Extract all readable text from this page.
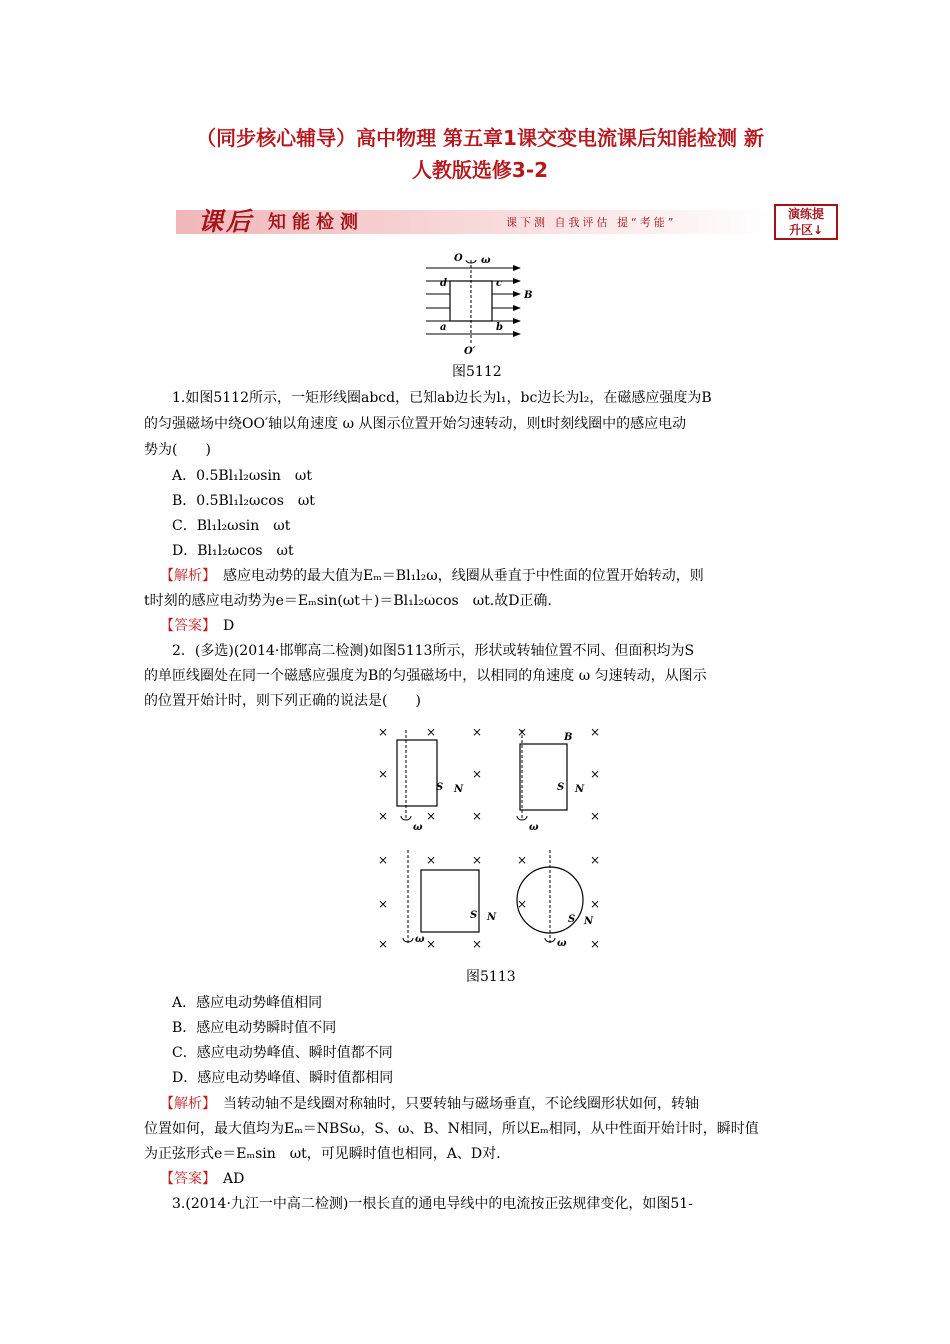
（同步核心辅导）高中物理 第五章1课交变电流课后知能检测 新
人教版选修3-2
课后 知能检测	课下测 自我评估 提“考能”
演练提
升区↓
O ω
d	c
B
a	b
O′
图5112
1.如图5112所示，一矩形线圈abcd，已知ab边长为l₁，bc边长为l₂，在磁感应强度为B
的匀强磁场中绕OO′轴以角速度 ω 从图示位置开始匀速转动，则t时刻线圈中的感应电动
势为(　　)
A．0.5Bl₁l₂ωsin　ωt
B．0.5Bl₁l₂ωcos　ωt
C．Bl₁l₂ωsin　ωt
D．Bl₁l₂ωcos　ωt
【解析】　感应电动势的最大值为Eₘ＝Bl₁l₂ω，线圈从垂直于中性面的位置开始转动，则
t时刻的感应电动势为e＝Eₘsin(ωt＋)＝Bl₁l₂ωcos　ωt.故D正确.
【答案】　D
2．(多选)(2014·邯郸高二检测)如图5113所示，形状或转轴位置不同、但面积均为S
的单匝线圈处在同一个磁感应强度为B的匀强磁场中，以相同的角速度 ω 匀速转动，从图示
的位置开始计时，则下列正确的说法是(　　)
×	×	×	×	×
×	×	×
×	×	×	×
×	×	×	×	×
×	×	×
×	×	×	×
S N
ω
B
S N
ω
S N
ω
S N
ω
图5113
A．感应电动势峰值相同
B．感应电动势瞬时值不同
C．感应电动势峰值、瞬时值都不同
D．感应电动势峰值、瞬时值都相同
【解析】　当转动轴不是线圈对称轴时，只要转轴与磁场垂直，不论线圈形状如何，转轴
位置如何，最大值均为Eₘ＝NBSω，S、ω、B、N相同，所以Eₘ相同，从中性面开始计时，瞬时值
为正弦形式e＝Eₘsin　ωt，可见瞬时值也相同，A、D对.
【答案】　AD
3.(2014·九江一中高二检测)一根长直的通电导线中的电流按正弦规律变化，如图51-
